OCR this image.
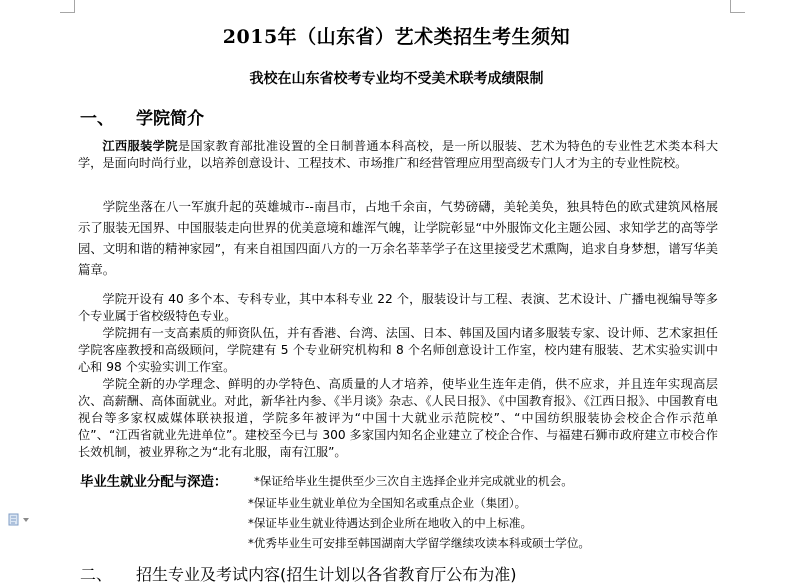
2015年（山东省）艺术类招生考生须知
我校在山东省校考专业均不受美术联考成绩限制
一、 学院简介

江西服装学院是国家教育部批准设置的全日制普通本科高校，是一所以服装、艺术为特色的专业性艺术类本科大学，是面向时尚行业，以培养创意设计、工程技术、市场推广和经营管理应用型高级专门人才为主的专业性院校。

学院坐落在八一军旗升起的英雄城市--南昌市，占地千余亩，气势磅礴，美轮美奂，独具特色的欧式建筑风格展示了服装无国界、中国服装走向世界的优美意境和雄浑气魄，让学院彰显“中外服饰文化主题公园、求知学艺的高等学园、文明和谐的精神家园”，有来自祖国四面八方的一万余名莘莘学子在这里接受艺术熏陶，追求自身梦想，谱写华美篇章。

学院开设有 40 多个本、专科专业，其中本科专业 22 个，服装设计与工程、表演、艺术设计、广播电视编导等多个专业属于省校级特色专业。

学院拥有一支高素质的师资队伍，并有香港、台湾、法国、日本、韩国及国内诸多服装专家、设计师、艺术家担任学院客座教授和高级顾问，学院建有 5 个专业研究机构和 8 个名师创意设计工作室，校内建有服装、艺术实验实训中心和 98 个实验实训工作室。

学院全新的办学理念、鲜明的办学特色、高质量的人才培养，使毕业生连年走俏，供不应求，并且连年实现高层次、高薪酬、高体面就业。对此，新华社内参、《半月谈》杂志、《人民日报》、《中国教育报》、《江西日报》、中国教育电视台等多家权威媒体联袂报道，学院多年被评为“中国十大就业示范院校”、“中国纺织服装协会校企合作示范单位”、“江西省就业先进单位”。建校至今已与 300 多家国内知名企业建立了校企合作、与福建石狮市政府建立市校合作长效机制，被业界称之为“北有北服，南有江服”。

毕业生就业分配与深造： *保证给毕业生提供至少三次自主选择企业并完成就业的机会。
*保证毕业生就业单位为全国知名或重点企业（集团）。
*保证毕业生就业待遇达到企业所在地收入的中上标准。
*优秀毕业生可安排至韩国湖南大学留学继续攻读本科或硕士学位。
二、 招生专业及考试内容(招生计划以各省教育厅公布为准)
